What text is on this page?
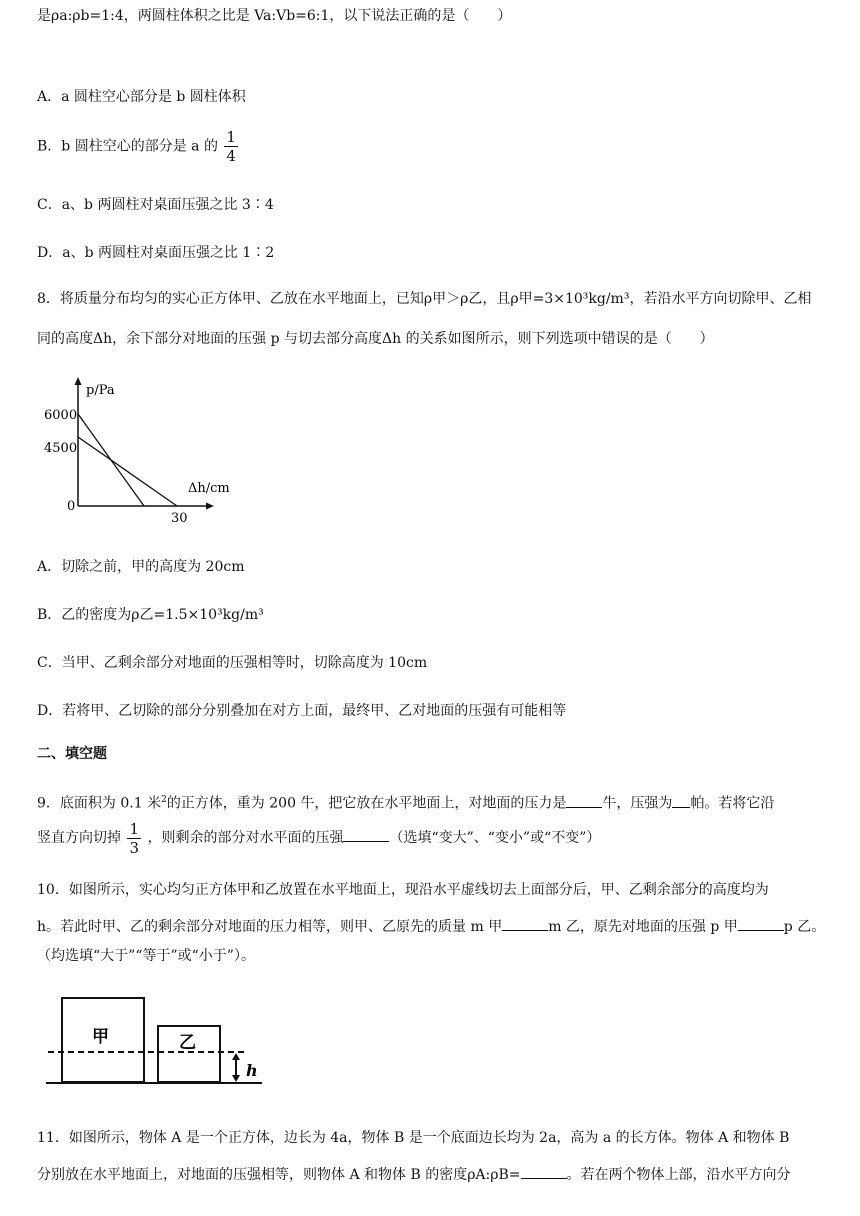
是ρa:ρb=1:4，两圆柱体积之比是 Va:Vb=6:1，以下说法正确的是（　　）
A．a 圆柱空心部分是 b 圆柱体积
B．b 圆柱空心的部分是 a 的 $\frac{1}{4}$
C．a、b 两圆柱对桌面压强之比 3∶4
D．a、b 两圆柱对桌面压强之比 1∶2
8．将质量分布均匀的实心正方体甲、乙放在水平地面上，已知ρ甲＞ρ乙，且ρ甲=3×10³kg/m³，若沿水平方向切除甲、乙相
同的高度Δh，余下部分对地面的压强 p 与切去部分高度Δh 的关系如图所示，则下列选项中错误的是（　　）
p/Pa
Δh/cm
6000
4500
0
30
A．切除之前，甲的高度为 20cm
B．乙的密度为ρ乙=1.5×10³kg/m³
C．当甲、乙剩余部分对地面的压强相等时，切除高度为 10cm
D．若将甲、乙切除的部分分别叠加在对方上面，最终甲、乙对地面的压强有可能相等
二、填空题
9．底面积为 0.1 米$^2$的正方体，重为 200 牛，把它放在水平地面上，对地面的压力是	牛，压强为 帕。若将它沿
竖直方向切掉 $\frac{1}{3}$ ，则剩余的部分对水平面的压强	（选填“变大”、“变小”或“不变”）
10．如图所示，实心均匀正方体甲和乙放置在水平地面上，现沿水平虚线切去上面部分后，甲、乙剩余部分的高度均为
h。若此时甲、乙的剩余部分对地面的压力相等，则甲、乙原先的质量 m 甲	m 乙，原先对地面的压强 p 甲	p 乙。
（均选填“大于”“等于”或“小于”）。
甲	乙
h
11．如图所示，物体 A 是一个正方体，边长为 4a，物体 B 是一个底面边长均为 2a，高为 a 的长方体。物体 A 和物体 B
分别放在水平地面上，对地面的压强相等，则物体 A 和物体 B 的密度ρA:ρB=	。若在两个物体上部，沿水平方向分
